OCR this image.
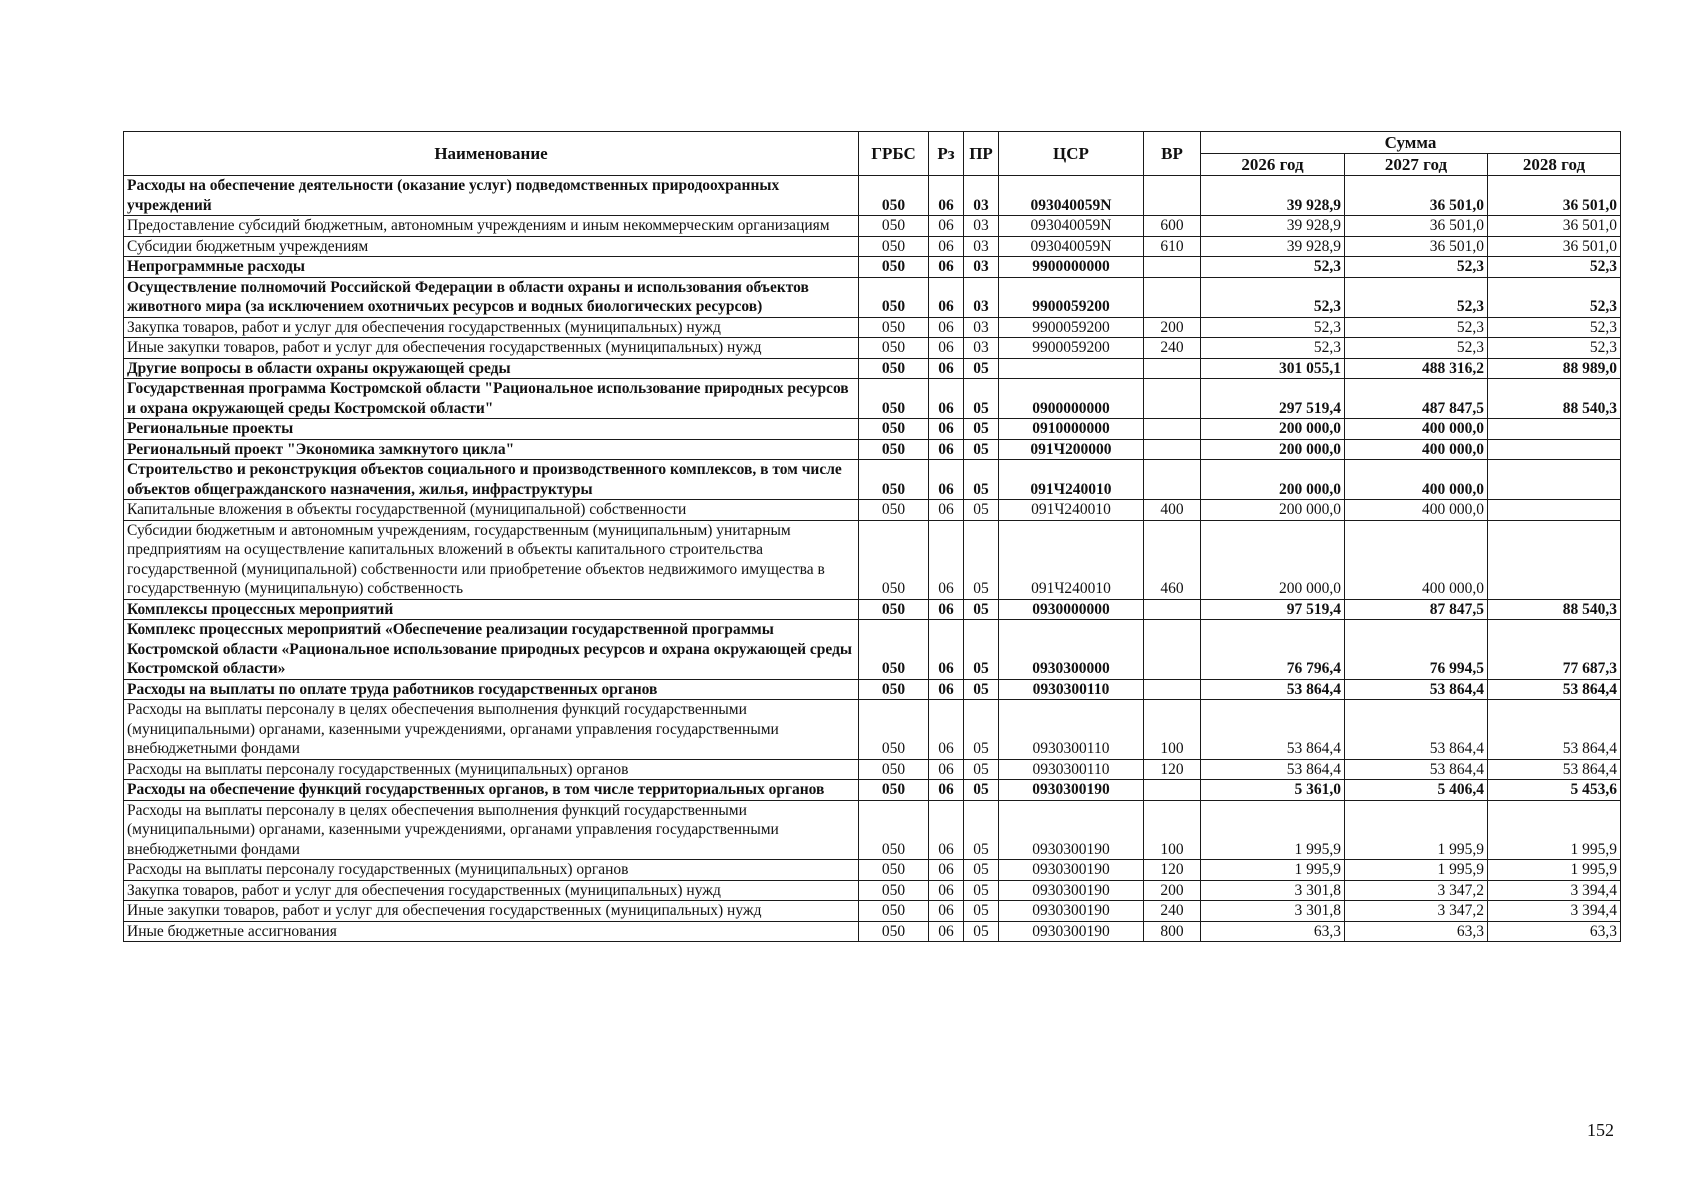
Наименование	ГРБС	Рз	ПР	ЦСР	ВР	Сумма		
						2026 год	2027 год	2028 год
Расходы на обеспечение деятельности (оказание услуг) подведомственных природоохранных учреждений	050	06	03	093040059N		39 928,9	36 501,0	36 501,0
Предоставление субсидий бюджетным, автономным учреждениям и иным некоммерческим организациям	050	06	03	093040059N	600	39 928,9	36 501,0	36 501,0
Субсидии бюджетным учреждениям	050	06	03	093040059N	610	39 928,9	36 501,0	36 501,0
Непрограммные расходы	050	06	03	9900000000		52,3	52,3	52,3
Осуществление полномочий Российской Федерации в области охраны и использования объектов животного мира (за исключением охотничьих ресурсов и водных биологических ресурсов)	050	06	03	9900059200		52,3	52,3	52,3
Закупка товаров, работ и услуг для обеспечения государственных (муниципальных) нужд	050	06	03	9900059200	200	52,3	52,3	52,3
Иные закупки товаров, работ и услуг для обеспечения государственных (муниципальных) нужд	050	06	03	9900059200	240	52,3	52,3	52,3
Другие вопросы в области охраны окружающей среды	050	06	05			301 055,1	488 316,2	88 989,0
Государственная программа Костромской области "Рациональное использование природных ресурсов и охрана окружающей среды Костромской области"	050	06	05	0900000000		297 519,4	487 847,5	88 540,3
Региональные проекты	050	06	05	0910000000		200 000,0	400 000,0	
Региональный проект "Экономика замкнутого цикла"	050	06	05	091Ч200000		200 000,0	400 000,0	
Строительство и реконструкция объектов социального и производственного комплексов, в том числе объектов общегражданского назначения, жилья, инфраструктуры	050	06	05	091Ч240010		200 000,0	400 000,0	
Капитальные вложения в объекты государственной (муниципальной) собственности	050	06	05	091Ч240010	400	200 000,0	400 000,0	
Субсидии бюджетным и автономным учреждениям, государственным (муниципальным) унитарным предприятиям на осуществление капитальных вложений в объекты капитального строительства государственной (муниципальной) собственности или приобретение объектов недвижимого имущества в государственную (муниципальную) собственность	050	06	05	091Ч240010	460	200 000,0	400 000,0	
Комплексы процессных мероприятий	050	06	05	0930000000		97 519,4	87 847,5	88 540,3
Комплекс процессных мероприятий «Обеспечение реализации государственной программы Костромской области «Рациональное использование природных ресурсов и охрана окружающей среды Костромской области»	050	06	05	0930300000		76 796,4	76 994,5	77 687,3
Расходы на выплаты по оплате труда работников государственных органов	050	06	05	0930300110		53 864,4	53 864,4	53 864,4
Расходы на выплаты персоналу в целях обеспечения выполнения функций государственными (муниципальными) органами, казенными учреждениями, органами управления государственными внебюджетными фондами	050	06	05	0930300110	100	53 864,4	53 864,4	53 864,4
Расходы на выплаты персоналу государственных (муниципальных) органов	050	06	05	0930300110	120	53 864,4	53 864,4	53 864,4
Расходы на обеспечение функций государственных органов, в том числе территориальных органов	050	06	05	0930300190		5 361,0	5 406,4	5 453,6
Расходы на выплаты персоналу в целях обеспечения выполнения функций государственными (муниципальными) органами, казенными учреждениями, органами управления государственными внебюджетными фондами	050	06	05	0930300190	100	1 995,9	1 995,9	1 995,9
Расходы на выплаты персоналу государственных (муниципальных) органов	050	06	05	0930300190	120	1 995,9	1 995,9	1 995,9
Закупка товаров, работ и услуг для обеспечения государственных (муниципальных) нужд	050	06	05	0930300190	200	3 301,8	3 347,2	3 394,4
Иные закупки товаров, работ и услуг для обеспечения государственных (муниципальных) нужд	050	06	05	0930300190	240	3 301,8	3 347,2	3 394,4
Иные бюджетные ассигнования	050	06	05	0930300190	800	63,3	63,3	63,3
152
